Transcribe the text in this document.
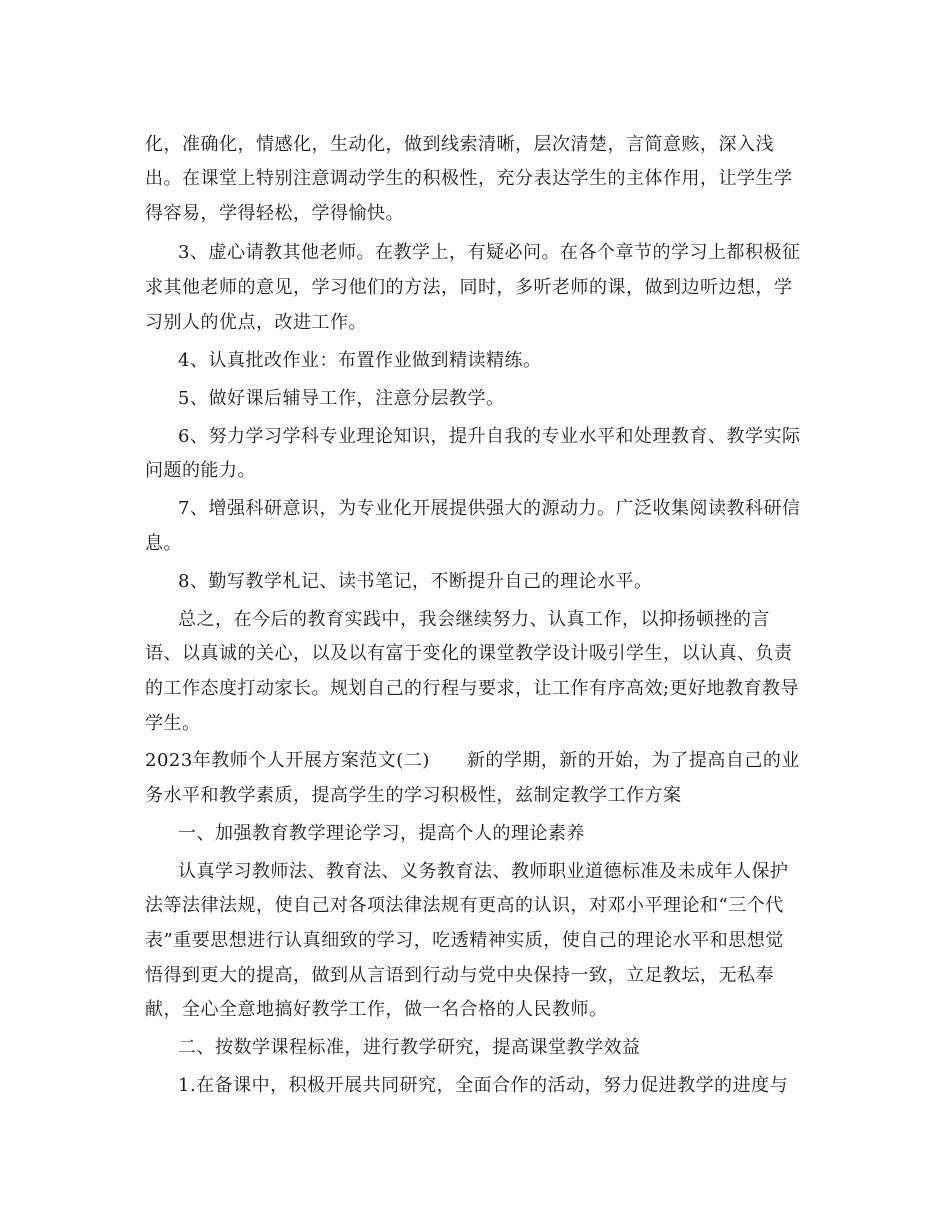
化，准确化，情感化，生动化，做到线索清晰，层次清楚，言简意赅，深入浅
出。在课堂上特别注意调动学生的积极性，充分表达学生的主体作用，让学生学
得容易，学得轻松，学得愉快。
3、虚心请教其他老师。在教学上，有疑必问。在各个章节的学习上都积极征
求其他老师的意见，学习他们的方法，同时，多听老师的课，做到边听边想，学
习别人的优点，改进工作。
4、认真批改作业：布置作业做到精读精练。
5、做好课后辅导工作，注意分层教学。
6、努力学习学科专业理论知识，提升自我的专业水平和处理教育、教学实际
问题的能力。
7、增强科研意识，为专业化开展提供强大的源动力。广泛收集阅读教科研信
息。
8、勤写教学札记、读书笔记，不断提升自己的理论水平。
总之，在今后的教育实践中，我会继续努力、认真工作，以抑扬顿挫的言
语、以真诚的关心，以及以有富于变化的课堂教学设计吸引学生，以认真、负责
的工作态度打动家长。规划自己的行程与要求，让工作有序高效;更好地教育教导
学生。
2023年教师个人开展方案范文(二)　　新的学期，新的开始，为了提高自己的业
务水平和教学素质，提高学生的学习积极性，兹制定教学工作方案
一、加强教育教学理论学习，提高个人的理论素养
认真学习教师法、教育法、义务教育法、教师职业道德标准及未成年人保护
法等法律法规，使自己对各项法律法规有更高的认识，对邓小平理论和“三个代
表”重要思想进行认真细致的学习，吃透精神实质，使自己的理论水平和思想觉
悟得到更大的提高，做到从言语到行动与党中央保持一致，立足教坛，无私奉
献，全心全意地搞好教学工作，做一名合格的人民教师。
二、按数学课程标准，进行教学研究，提高课堂教学效益
1.在备课中，积极开展共同研究，全面合作的活动，努力促进教学的进度与
